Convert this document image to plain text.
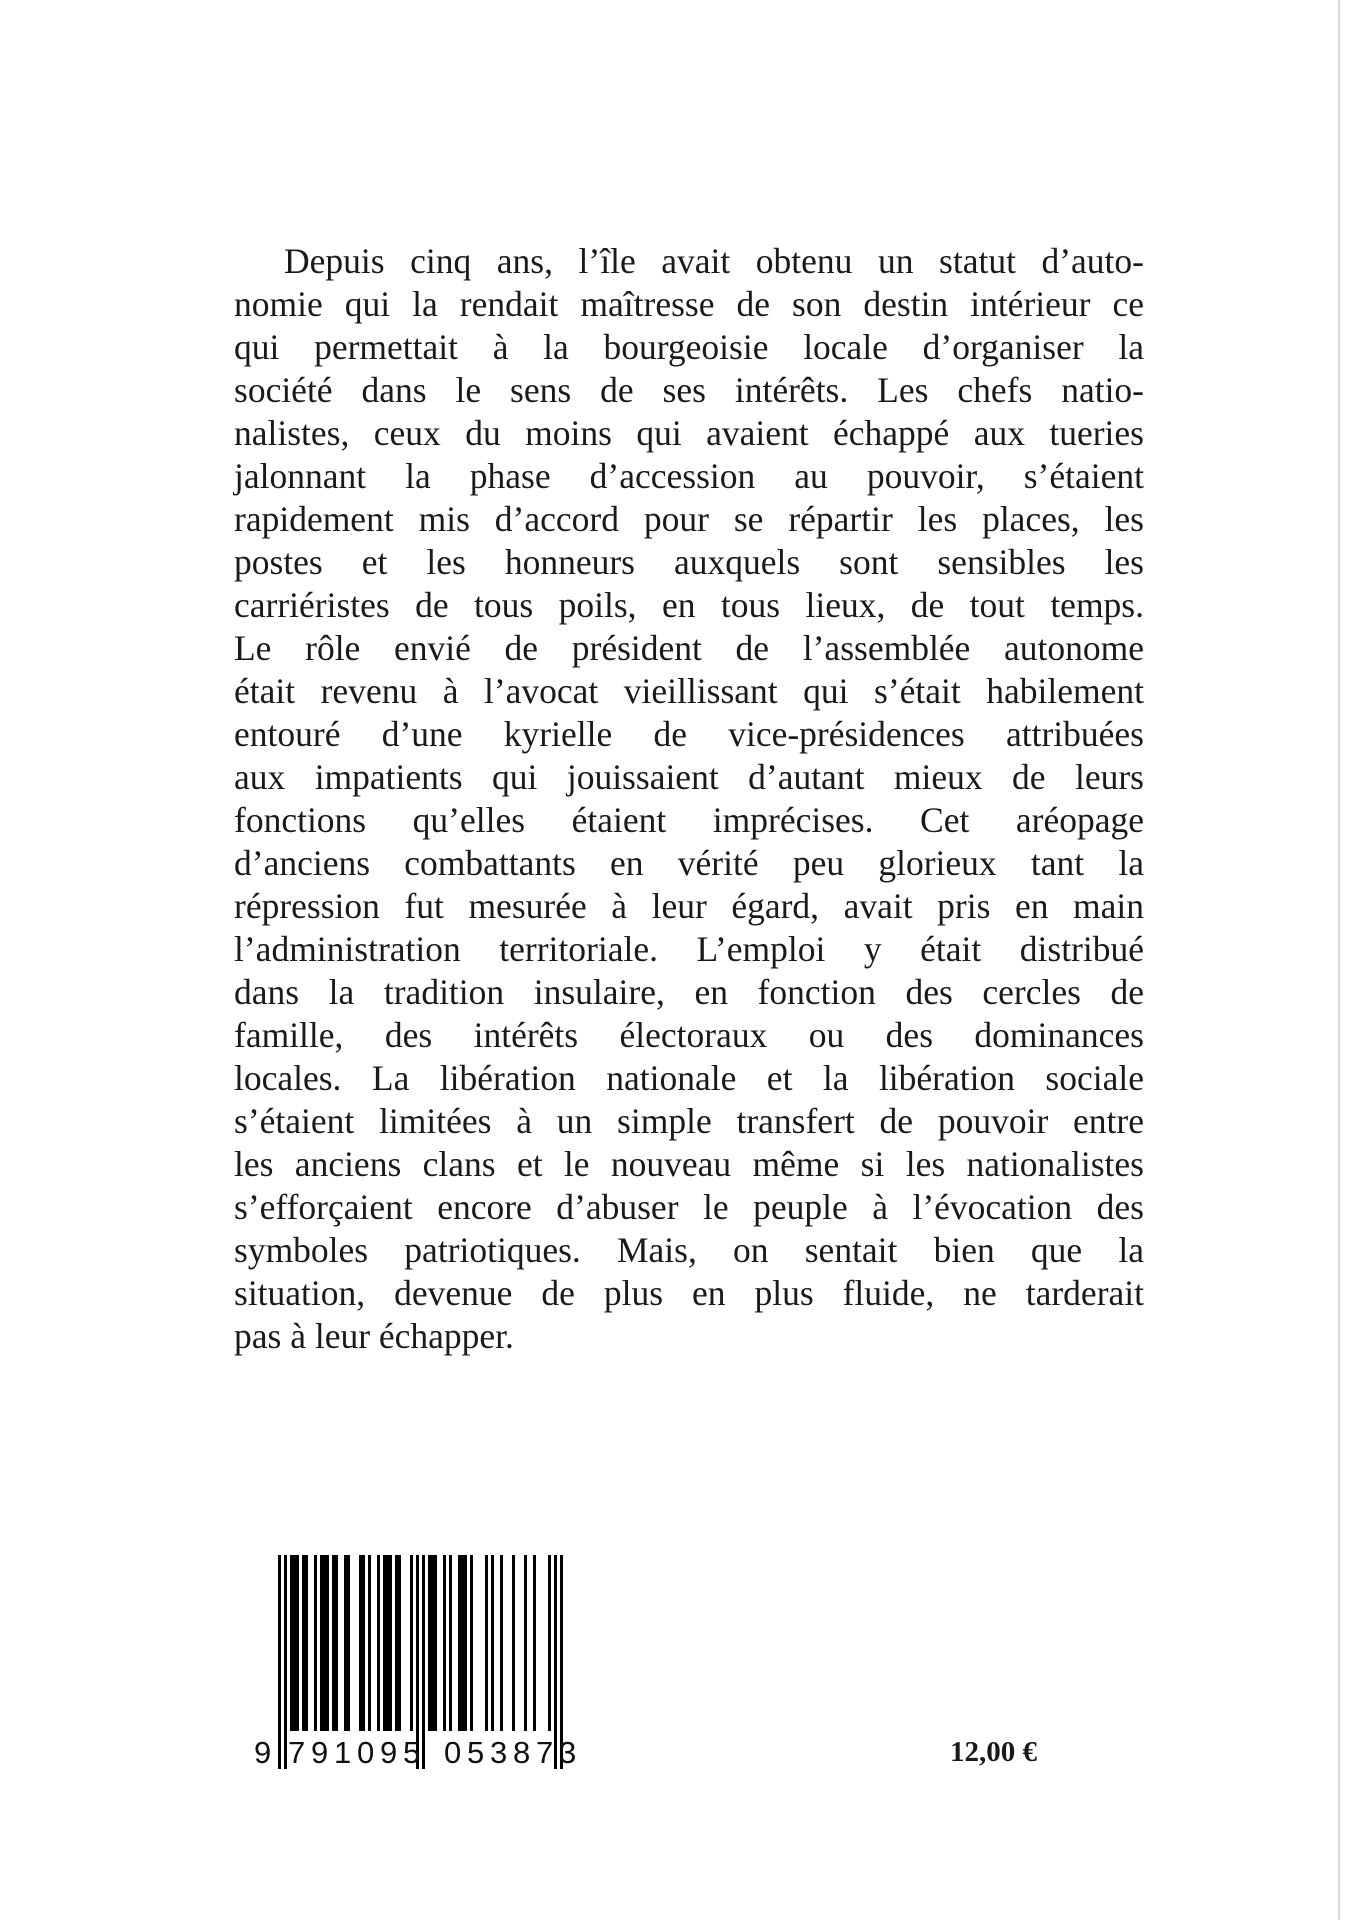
Depuis cinq ans, l’île avait obtenu un statut d’auto-
nomie qui la rendait maîtresse de son destin intérieur ce
qui permettait à la bourgeoisie locale d’organiser la
société dans le sens de ses intérêts. Les chefs natio-
nalistes, ceux du moins qui avaient échappé aux tueries
jalonnant la phase d’accession au pouvoir, s’étaient
rapidement mis d’accord pour se répartir les places, les
postes et les honneurs auxquels sont sensibles les
carriéristes de tous poils, en tous lieux, de tout temps.
Le rôle envié de président de l’assemblée autonome
était revenu à l’avocat vieillissant qui s’était habilement
entouré d’une kyrielle de vice-présidences attribuées
aux impatients qui jouissaient d’autant mieux de leurs
fonctions qu’elles étaient imprécises. Cet aréopage
d’anciens combattants en vérité peu glorieux tant la
répression fut mesurée à leur égard, avait pris en main
l’administration territoriale. L’emploi y était distribué
dans la tradition insulaire, en fonction des cercles de
famille, des intérêts électoraux ou des dominances
locales. La libération nationale et la libération sociale
s’étaient limitées à un simple transfert de pouvoir entre
les anciens clans et le nouveau même si les nationalistes
s’efforçaient encore d’abuser le peuple à l’évocation des
symboles patriotiques. Mais, on sentait bien que la
situation, devenue de plus en plus fluide, ne tarderait
pas à leur échapper.
9 7 9 1 0 9 5 0 5 3 8 7 3	12,00 €
